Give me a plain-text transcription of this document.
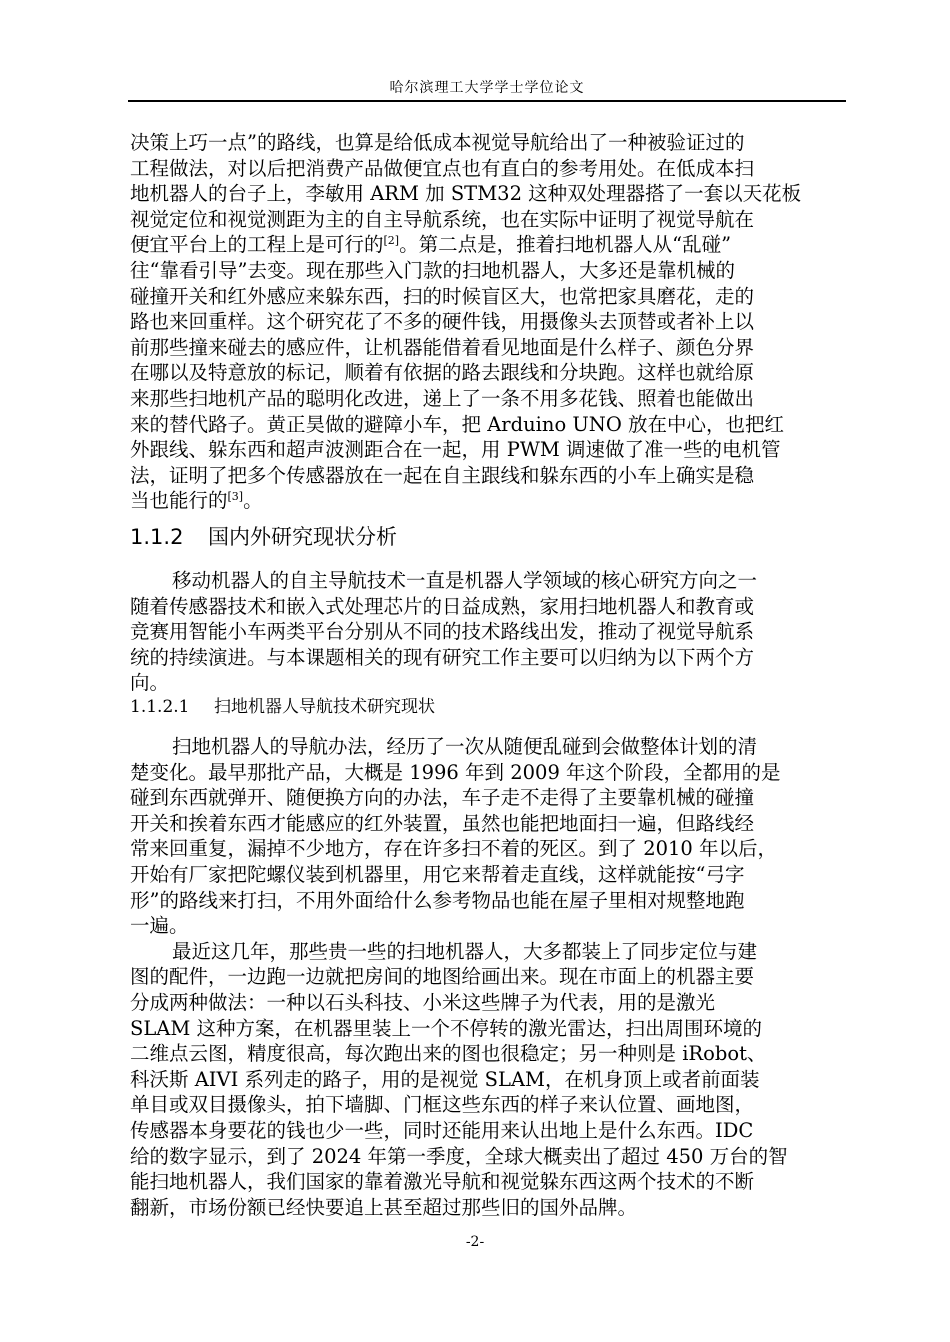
哈尔滨理工大学学士学位论文

决策上巧一点”的路线，也算是给低成本视觉导航给出了一种被验证过的

工程做法，对以后把消费产品做便宜点也有直白的参考用处。在低成本扫

地机器人的台子上，李敏用 ARM 加 STM32 这种双处理器搭了一套以天花板

视觉定位和视觉测距为主的自主导航系统，也在实际中证明了视觉导航在

便宜平台上的工程上是可行的[2]。第二点是，推着扫地机器人从“乱碰”

往“靠看引导”去变。现在那些入门款的扫地机器人，大多还是靠机械的

碰撞开关和红外感应来躲东西，扫的时候盲区大，也常把家具磨花，走的

路也来回重样。这个研究花了不多的硬件钱，用摄像头去顶替或者补上以

前那些撞来碰去的感应件，让机器能借着看见地面是什么样子、颜色分界

在哪以及特意放的标记，顺着有依据的路去跟线和分块跑。这样也就给原

来那些扫地机产品的聪明化改进，递上了一条不用多花钱、照着也能做出

来的替代路子。黄正昊做的避障小车，把 Arduino UNO 放在中心，也把红

外跟线、躲东西和超声波测距合在一起，用 PWM 调速做了准一些的电机管

法，证明了把多个传感器放在一起在自主跟线和躲东西的小车上确实是稳

当也能行的[3]。

1.1.2 国内外研究现状分析

移动机器人的自主导航技术一直是机器人学领域的核心研究方向之一

随着传感器技术和嵌入式处理芯片的日益成熟，家用扫地机器人和教育或

竞赛用智能小车两类平台分别从不同的技术路线出发，推动了视觉导航系

统的持续演进。与本课题相关的现有研究工作主要可以归纳为以下两个方

向。

1.1.2.1 扫地机器人导航技术研究现状

扫地机器人的导航办法，经历了一次从随便乱碰到会做整体计划的清

楚变化。最早那批产品，大概是 1996 年到 2009 年这个阶段，全都用的是

碰到东西就弹开、随便换方向的办法，车子走不走得了主要靠机械的碰撞

开关和挨着东西才能感应的红外装置，虽然也能把地面扫一遍，但路线经

常来回重复，漏掉不少地方，存在许多扫不着的死区。到了 2010 年以后，

开始有厂家把陀螺仪装到机器里，用它来帮着走直线，这样就能按“弓字

形”的路线来打扫，不用外面给什么参考物品也能在屋子里相对规整地跑

一遍。

最近这几年，那些贵一些的扫地机器人，大多都装上了同步定位与建

图的配件，一边跑一边就把房间的地图给画出来。现在市面上的机器主要

分成两种做法：一种以石头科技、小米这些牌子为代表，用的是激光

SLAM 这种方案，在机器里装上一个不停转的激光雷达，扫出周围环境的

二维点云图，精度很高，每次跑出来的图也很稳定；另一种则是 iRobot、

科沃斯 AIVI 系列走的路子，用的是视觉 SLAM，在机身顶上或者前面装

单目或双目摄像头，拍下墙脚、门框这些东西的样子来认位置、画地图，

传感器本身要花的钱也少一些，同时还能用来认出地上是什么东西。IDC

给的数字显示，到了 2024 年第一季度，全球大概卖出了超过 450 万台的智

能扫地机器人，我们国家的靠着激光导航和视觉躲东西这两个技术的不断

翻新，市场份额已经快要追上甚至超过那些旧的国外品牌。

-2-
